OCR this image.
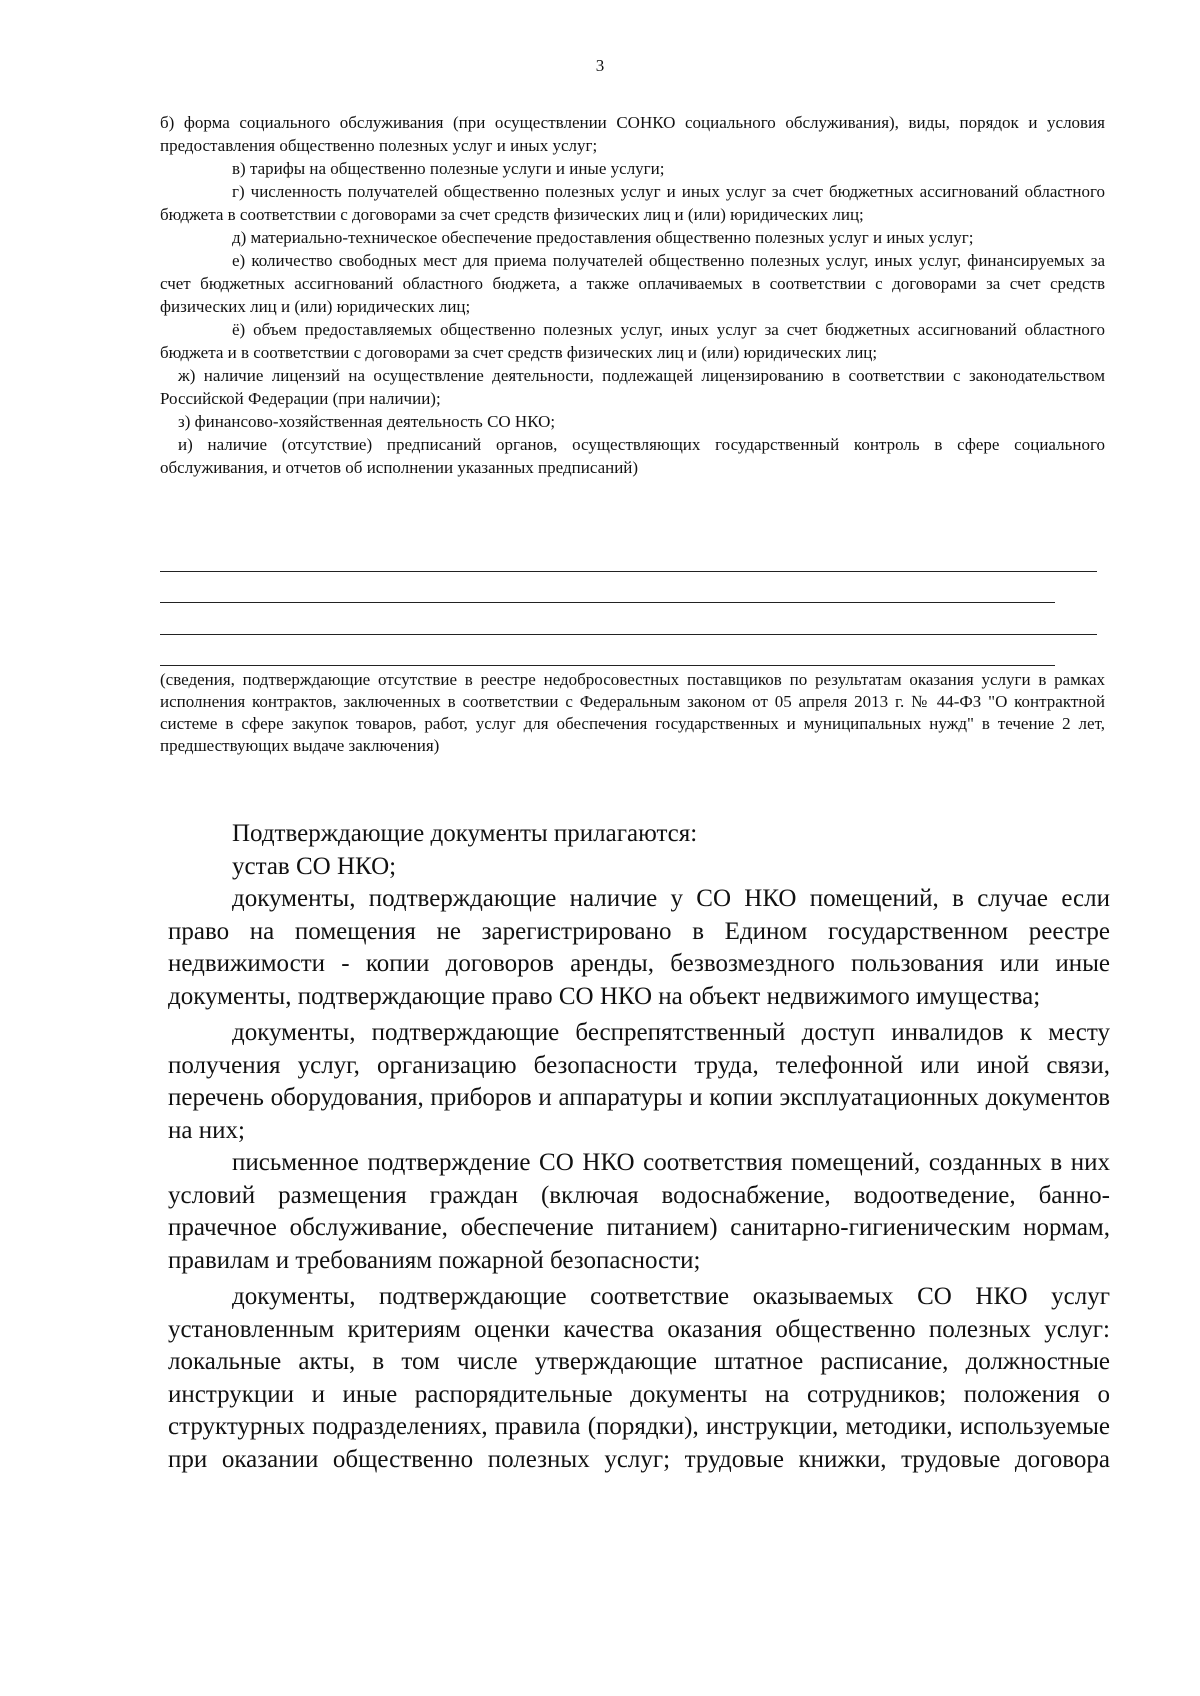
3

б) форма социального обслуживания (при осуществлении СОНКО социального обслуживания), виды, порядок и условия предоставления общественно полезных услуг и иных услуг;

в) тарифы на общественно полезные услуги и иные услуги;

г) численность получателей общественно полезных услуг и иных услуг за счет бюджетных ассигнований областного бюджета в соответствии с договорами за счет средств физических лиц и (или) юридических лиц;

д) материально-техническое обеспечение предоставления общественно полезных услуг и иных услуг;

е) количество свободных мест для приема получателей общественно полезных услуг, иных услуг, финансируемых за счет бюджетных ассигнований областного бюджета, а также оплачиваемых в соответствии с договорами за счет средств физических лиц и (или) юридических лиц;

ё) объем предоставляемых общественно полезных услуг, иных услуг за счет бюджетных ассигнований областного бюджета и в соответствии с договорами за счет средств физических лиц и (или) юридических лиц;

ж) наличие лицензий на осуществление деятельности, подлежащей лицензированию в соответствии с законодательством Российской Федерации (при наличии);

з) финансово-хозяйственная деятельность СО НКО;

и) наличие (отсутствие) предписаний органов, осуществляющих государственный контроль в сфере социального обслуживания, и отчетов об исполнении указанных предписаний)

(сведения, подтверждающие отсутствие в реестре недобросовестных поставщиков по результатам оказания услуги в рамках исполнения контрактов, заключенных в соответствии с Федеральным законом от 05 апреля 2013 г. № 44-ФЗ "О контрактной системе в сфере закупок товаров, работ, услуг для обеспечения государственных и муниципальных нужд" в течение 2 лет, предшествующих выдаче заключения)

Подтверждающие документы прилагаются:

устав СО НКО;

документы, подтверждающие наличие у СО НКО помещений, в случае если право на помещения не зарегистрировано в Едином государственном реестре недвижимости - копии договоров аренды, безвозмездного пользования или иные документы, подтверждающие право СО НКО на объект недвижимого имущества;

документы, подтверждающие беспрепятственный доступ инвалидов к месту получения услуг, организацию безопасности труда, телефонной или иной связи, перечень оборудования, приборов и аппаратуры и копии эксплуатационных документов на них;

письменное подтверждение СО НКО соответствия помещений, созданных в них условий размещения граждан (включая водоснабжение, водоотведение, банно-прачечное обслуживание, обеспечение питанием) санитарно-гигиеническим нормам, правилам и требованиям пожарной безопасности;

документы, подтверждающие соответствие оказываемых СО НКО услуг установленным критериям оценки качества оказания общественно полезных услуг: локальные акты, в том числе утверждающие штатное расписание, должностные инструкции и иные распорядительные документы на сотрудников; положения о структурных подразделениях, правила (порядки), инструкции, методики, используемые при оказании общественно полезных услуг; трудовые книжки, трудовые договора
